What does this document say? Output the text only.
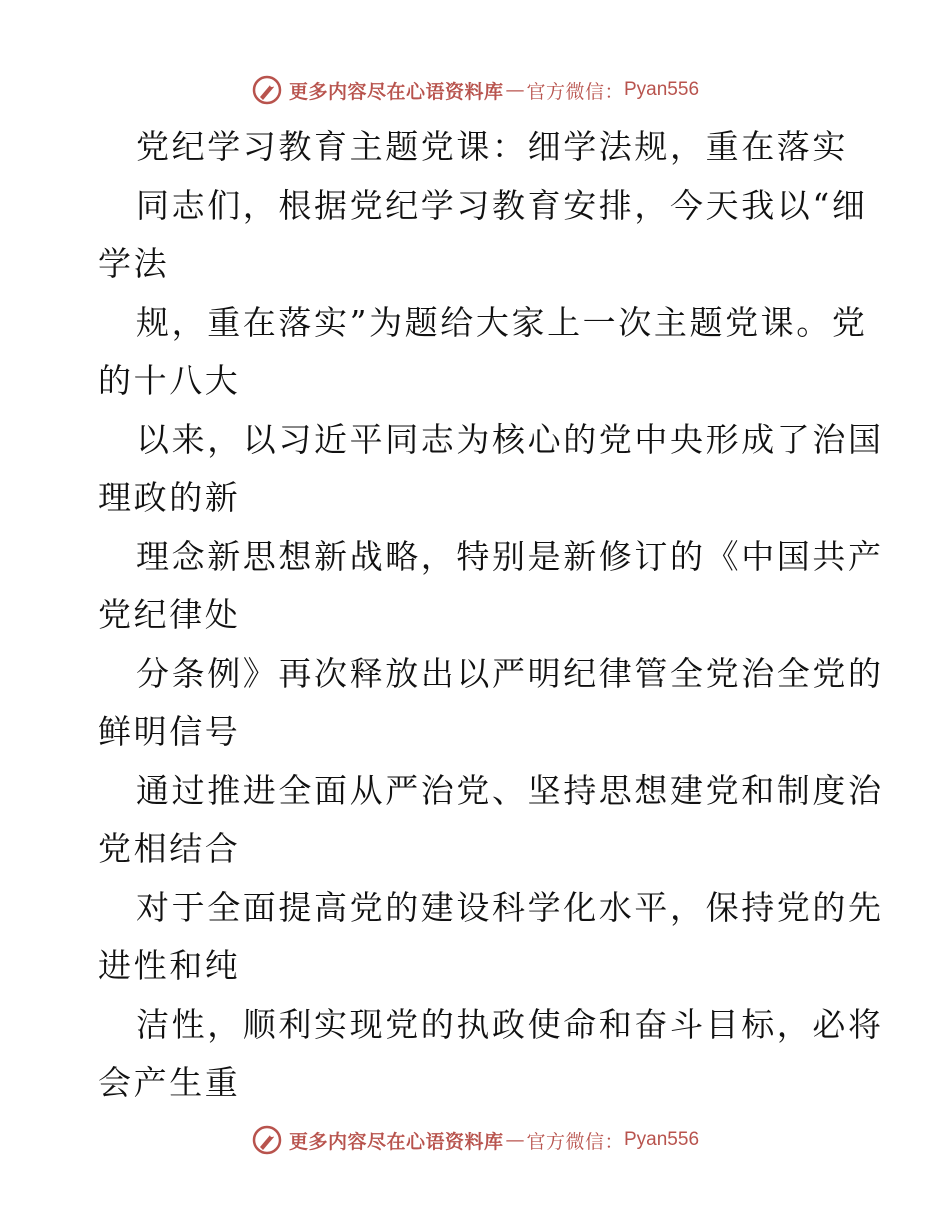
更多内容尽在心语资料库 — 官方微信： Pyan556
党纪学习教育主题党课：细学法规，重在落实
同志们，根据党纪学习教育安排，今天我以“细
学法
规，重在落实”为题给大家上一次主题党课。党
的十八大
以来，以习近平同志为核心的党中央形成了治国
理政的新
理念新思想新战略，特别是新修订的《中国共产
党纪律处
分条例》再次释放出以严明纪律管全党治全党的
鲜明信号
通过推进全面从严治党、坚持思想建党和制度治
党相结合
对于全面提高党的建设科学化水平，保持党的先
进性和纯
洁性，顺利实现党的执政使命和奋斗目标，必将
会产生重
更多内容尽在心语资料库 — 官方微信： Pyan556
